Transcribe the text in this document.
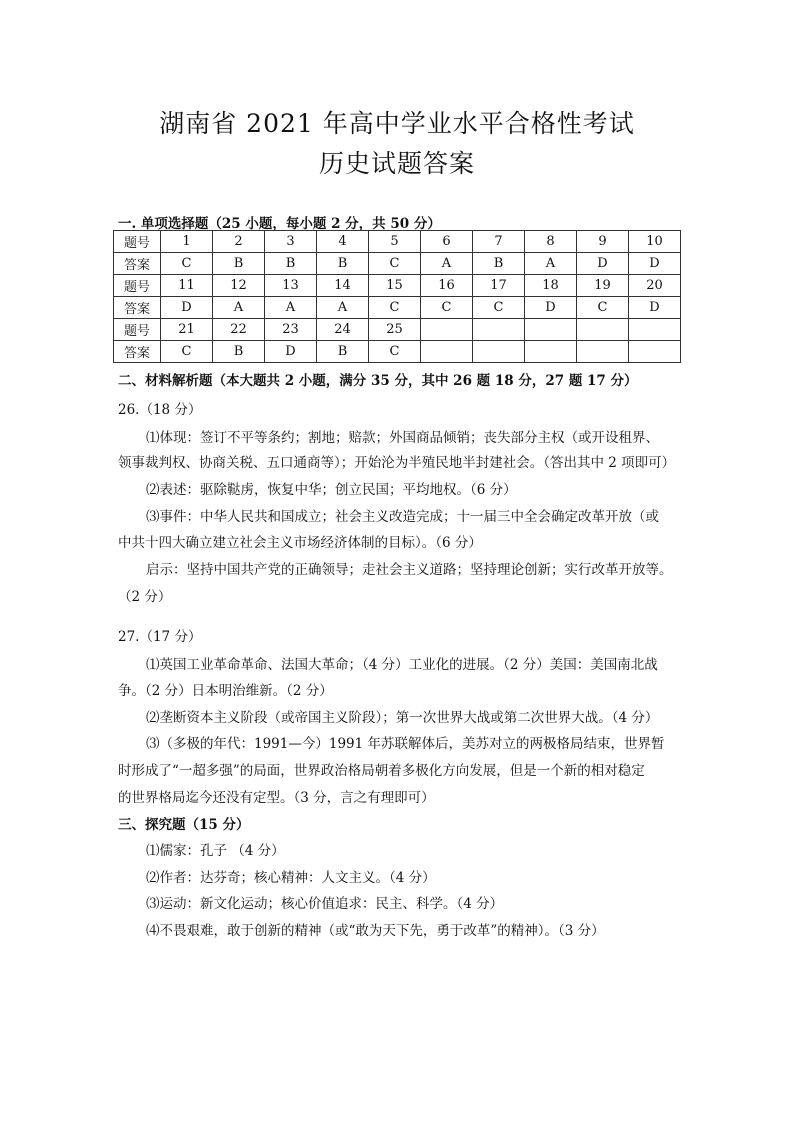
湖南省 2021 年高中学业水平合格性考试
历史试题答案
一. 单项选择题（25 小题，每小题 2 分，共 50 分）
题号	1	2	3	4	5	6	7	8	9	10
答案	C	B	B	B	C	A	B	A	D	D
题号	11	12	13	14	15	16	17	18	19	20
答案	D	A	A	A	C	C	C	D	C	D
题号	21	22	23	24	25					
答案	C	B	D	B	C					
二、材料解析题（本大题共 2 小题，满分 35 分，其中 26 题 18 分，27 题 17 分）
26.（18 分）
⑴体现：签订不平等条约；割地；赔款；外国商品倾销；丧失部分主权（或开设租界、
领事裁判权、协商关税、五口通商等）；开始沦为半殖民地半封建社会。（答出其中 2 项即可）
⑵表述：驱除鞑虏，恢复中华；创立民国；平均地权。（6 分）
⑶事件：中华人民共和国成立；社会主义改造完成；十一届三中全会确定改革开放（或
中共十四大确立建立社会主义市场经济体制的目标）。（6 分）
启示：坚持中国共产党的正确领导；走社会主义道路；坚持理论创新；实行改革开放等。
（2 分）
27.（17 分）
⑴英国工业革命革命、法国大革命；（4 分）工业化的进展。（2 分）美国：美国南北战
争。（2 分）日本明治维新。（2 分）
⑵垄断资本主义阶段（或帝国主义阶段）；第一次世界大战或第二次世界大战。（4 分）
⑶（多极的年代：1991—今）1991 年苏联解体后，美苏对立的两极格局结束，世界暂
时形成了“一超多强”的局面，世界政治格局朝着多极化方向发展，但是一个新的相对稳定
的世界格局迄今还没有定型。（3 分，言之有理即可）
三、探究题（15 分）
⑴儒家：孔子 （4 分）
⑵作者：达芬奇；核心精神：人文主义。（4 分）
⑶运动：新文化运动；核心价值追求：民主、科学。（4 分）
⑷不畏艰难，敢于创新的精神（或“敢为天下先，勇于改革”的精神）。（3 分）
